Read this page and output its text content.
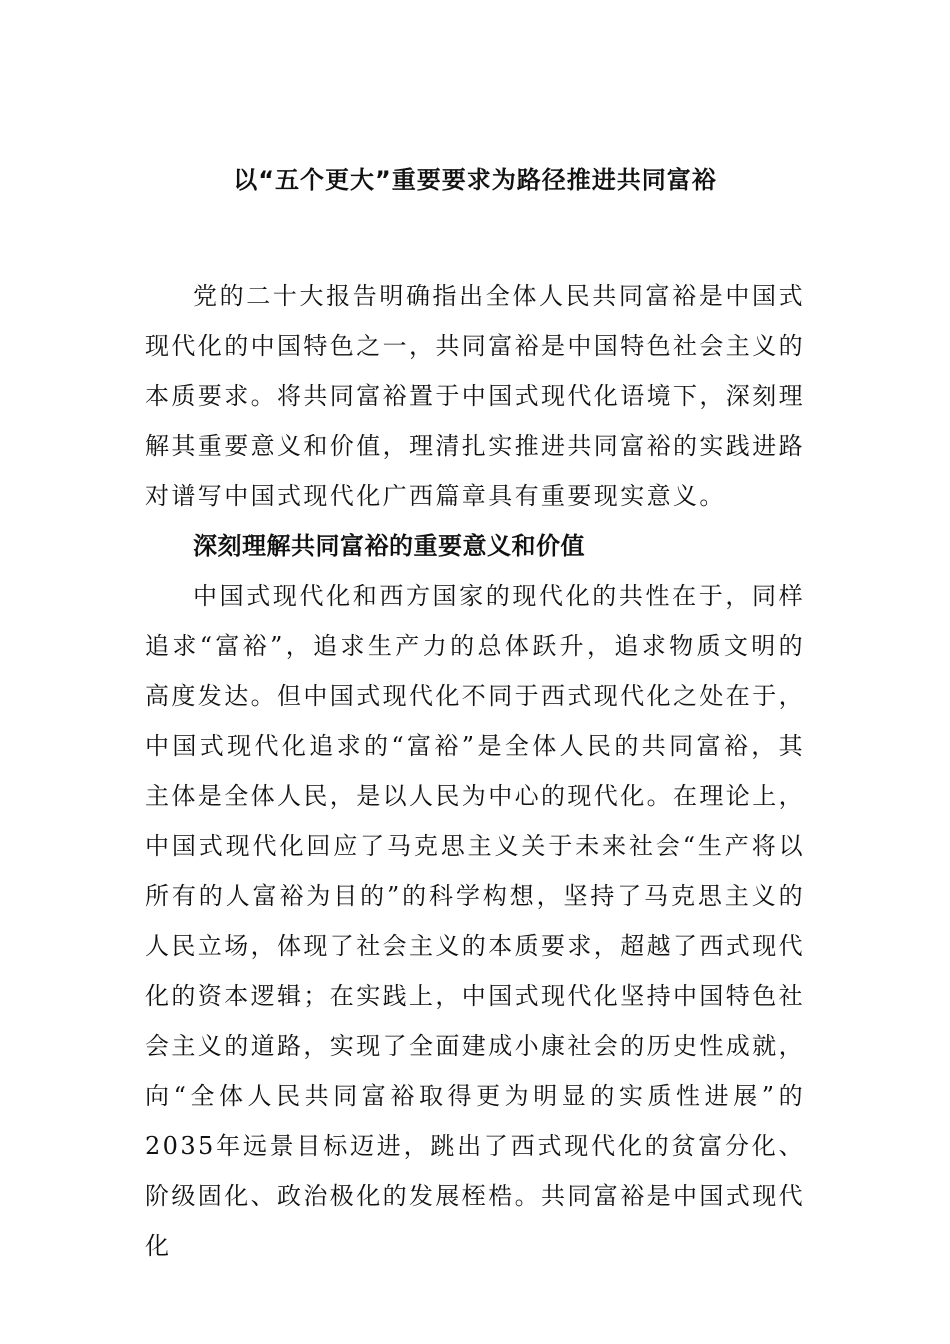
以“五个更大”重要要求为路径推进共同富裕

党的二十大报告明确指出全体人民共同富裕是中国式现代化的中国特色之一，共同富裕是中国特色社会主义的本质要求。将共同富裕置于中国式现代化语境下，深刻理解其重要意义和价值，理清扎实推进共同富裕的实践进路对谱写中国式现代化广西篇章具有重要现实意义。

深刻理解共同富裕的重要意义和价值

中国式现代化和西方国家的现代化的共性在于，同样追求“富裕”，追求生产力的总体跃升，追求物质文明的高度发达。但中国式现代化不同于西式现代化之处在于，中国式现代化追求的“富裕”是全体人民的共同富裕，其主体是全体人民，是以人民为中心的现代化。在理论上，中国式现代化回应了马克思主义关于未来社会“生产将以所有的人富裕为目的”的科学构想，坚持了马克思主义的人民立场，体现了社会主义的本质要求，超越了西式现代化的资本逻辑；在实践上，中国式现代化坚持中国特色社会主义的道路，实现了全面建成小康社会的历史性成就，向“全体人民共同富裕取得更为明显的实质性进展”的2035年远景目标迈进，跳出了西式现代化的贫富分化、阶级固化、政治极化的发展桎梏。共同富裕是中国式现代化
